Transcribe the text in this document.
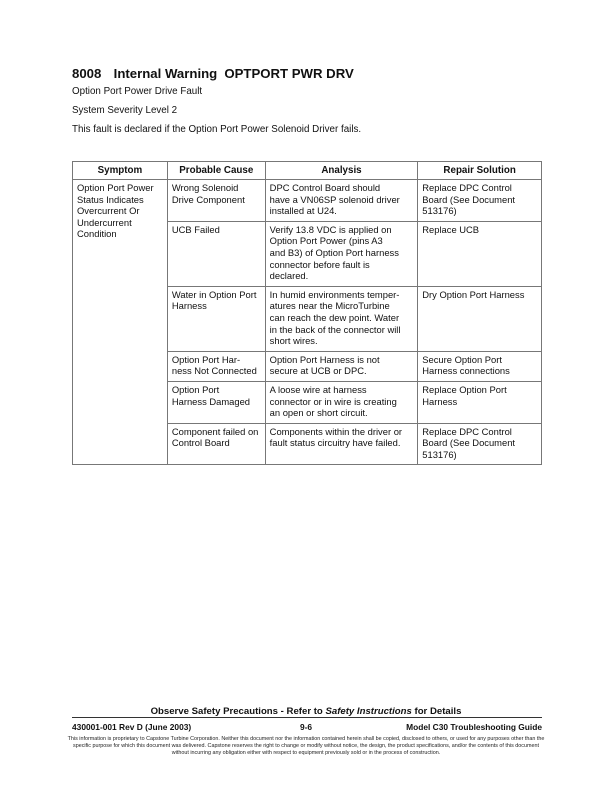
8008 Internal Warning OPTPORT PWR DRV
Option Port Power Drive Fault
System Severity Level 2
This fault is declared if the Option Port Power Solenoid Driver fails.
Symptom	Probable Cause	Analysis	Repair Solution
Option Port Power
Status Indicates
Overcurrent Or
Undercurrent
Condition	Wrong Solenoid
Drive Component	DPC Control Board should
have a VN06SP solenoid driver
installed at U24.	Replace DPC Control
Board (See Document
513176)
	UCB Failed	Verify 13.8 VDC is applied on
Option Port Power (pins A3
and B3) of Option Port harness
connector before fault is
declared.	Replace UCB
	Water in Option Port
Harness	In humid environments temper-
atures near the MicroTurbine
can reach the dew point. Water
in the back of the connector will
short wires.	Dry Option Port Harness
	Option Port Har-
ness Not Connected	Option Port Harness is not
secure at UCB or DPC.	Secure Option Port
Harness connections
	Option Port
Harness Damaged	A loose wire at harness
connector or in wire is creating
an open or short circuit.	Replace Option Port
Harness
	Component failed on
Control Board	Components within the driver or
fault status circuitry have failed.	Replace DPC Control
Board (See Document
513176)
Observe Safety Precautions - Refer to Safety Instructions for Details
430001-001 Rev D (June 2003)	9-6	Model C30 Troubleshooting Guide
This information is proprietary to Capstone Turbine Corporation. Neither this document nor the information contained herein shall be copied, disclosed to others, or used for any purposes other than the specific purpose for which this document was delivered. Capstone reserves the right to change or modify without notice, the design, the product specifications, and/or the contents of this document without incurring any obligation either with respect to equipment previously sold or in the process of construction.
